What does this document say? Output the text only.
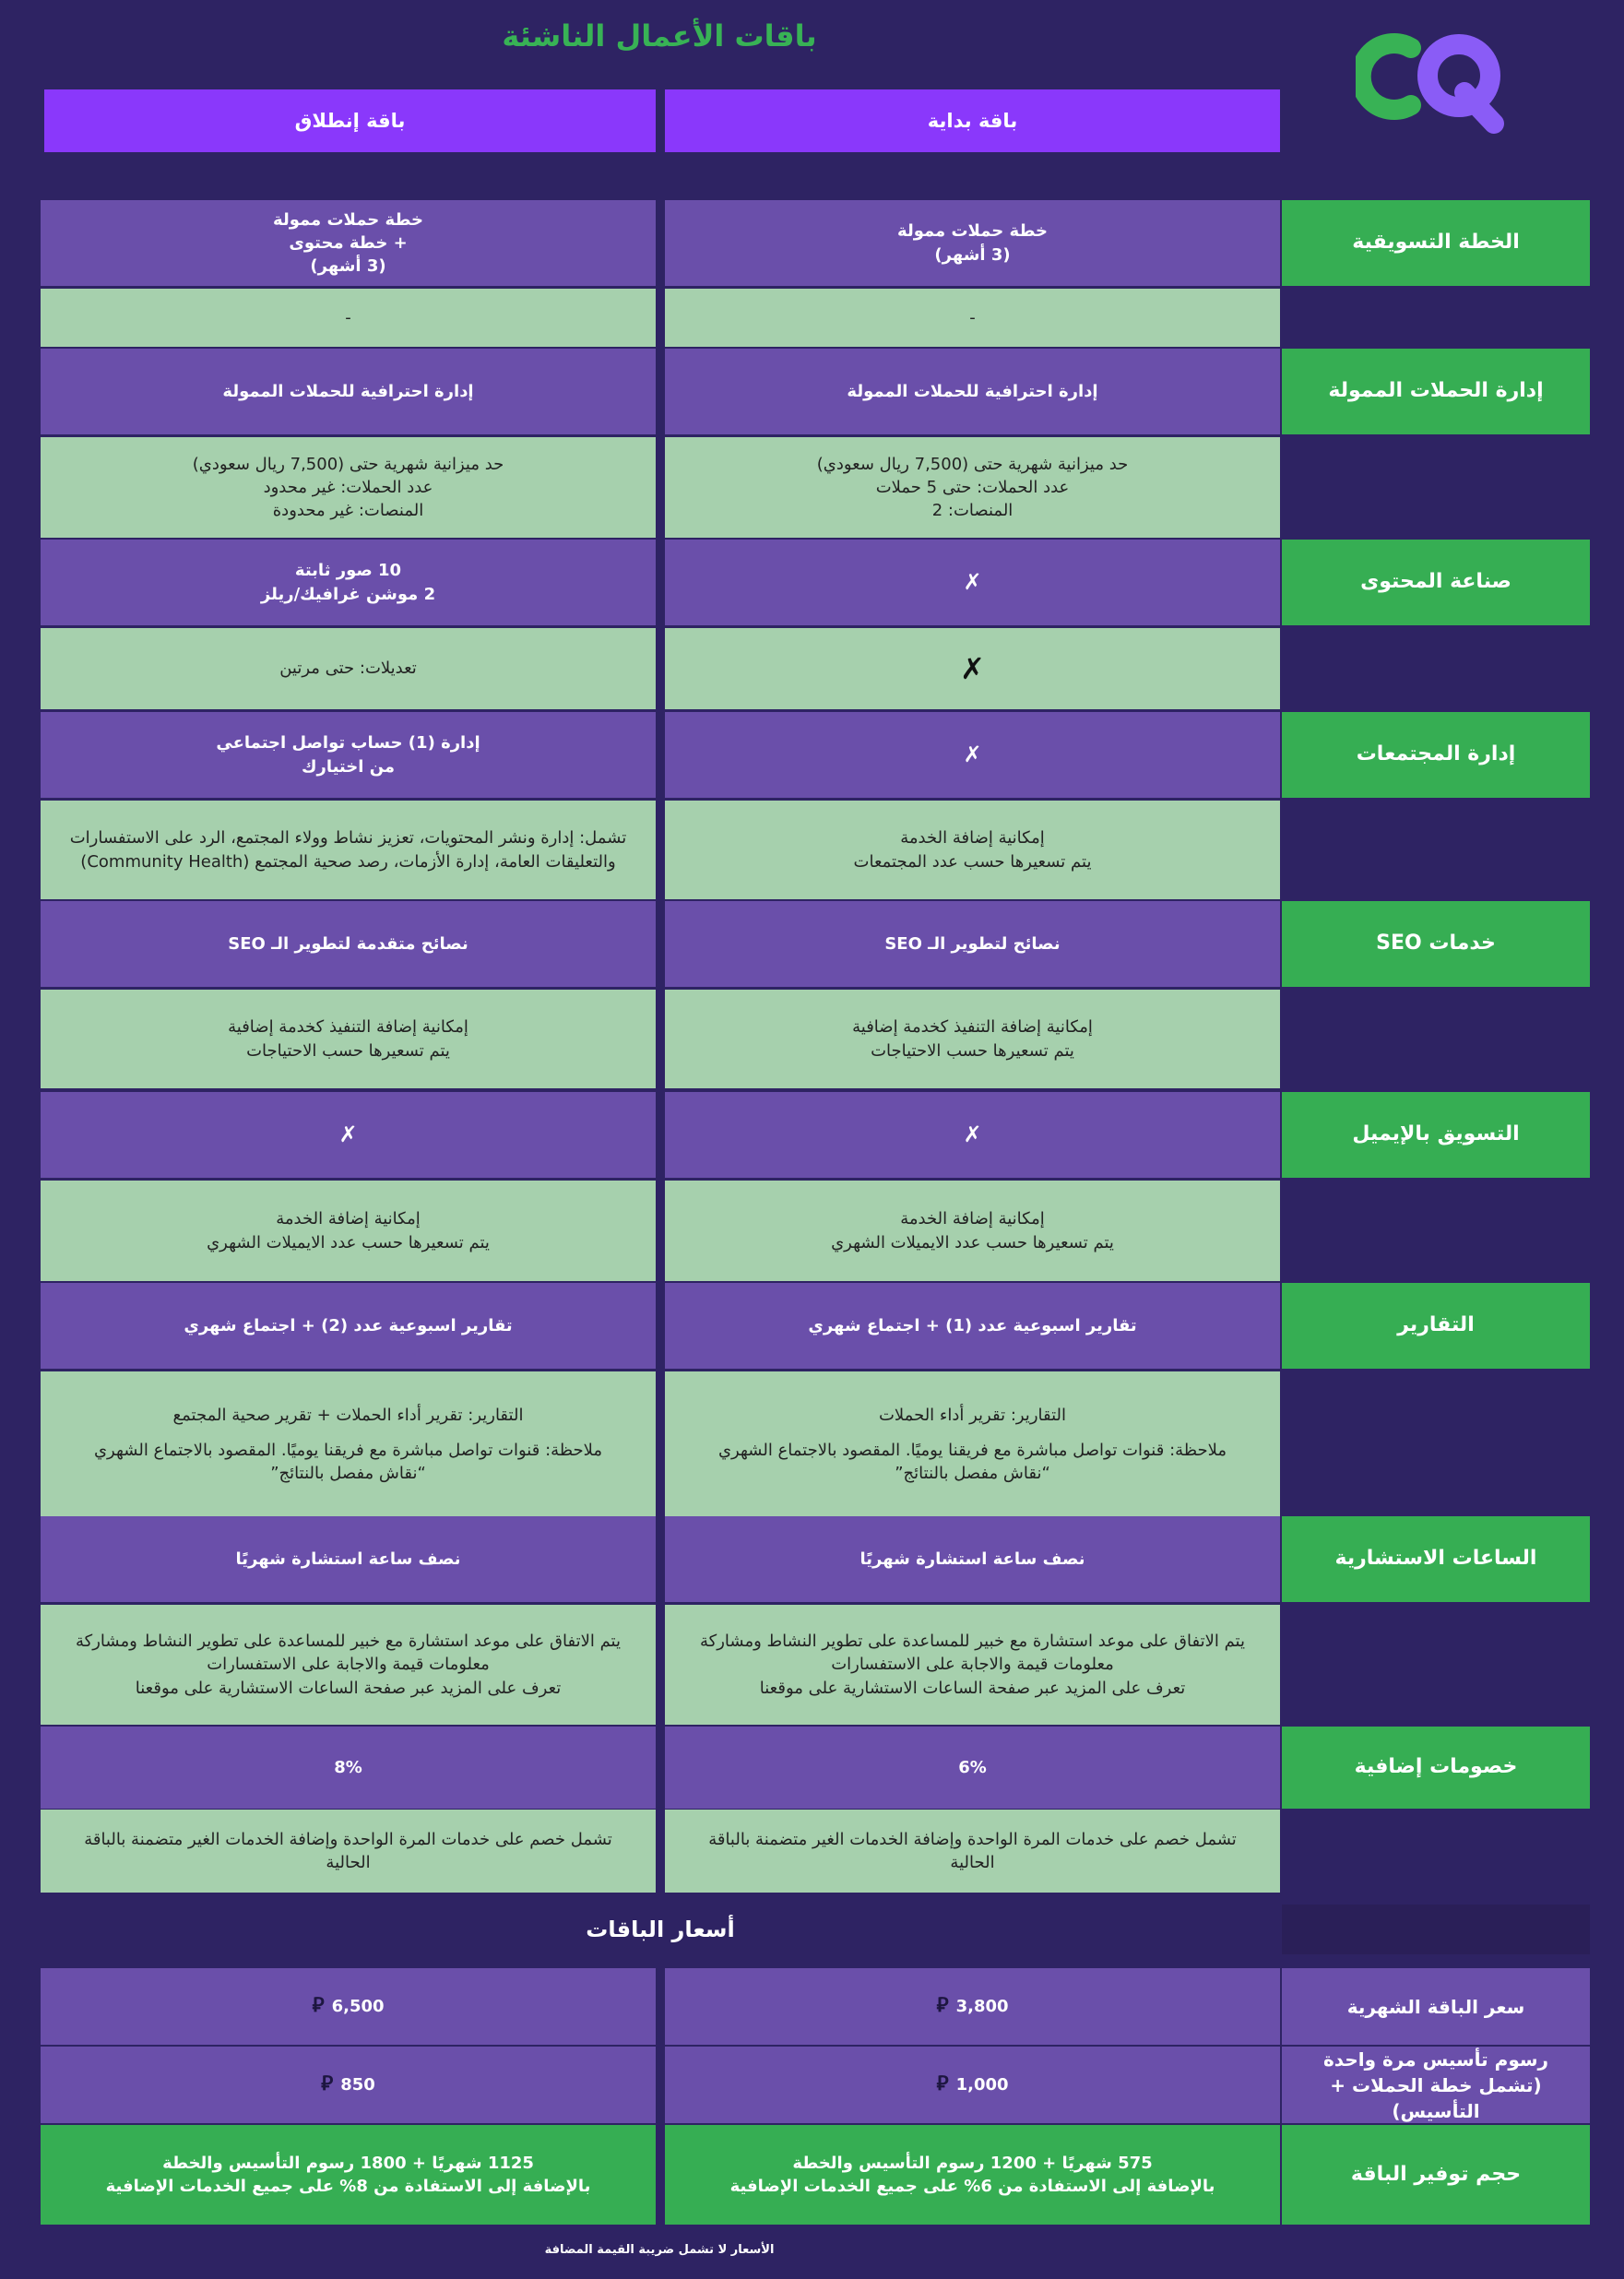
باقات الأعمال الناشئة
باقة بداية
باقة إنطلاق
الخطة التسويقية
خطة حملات ممولة
(3 أشهر)
خطة حملات ممولة
+ خطة محتوى
(3 أشهر)
-
-
إدارة الحملات الممولة
إدارة احترافية للحملات الممولة
إدارة احترافية للحملات الممولة
حد ميزانية شهرية حتى (7,500 ريال سعودي)
عدد الحملات: حتى 5 حملات
المنصات: 2
حد ميزانية شهرية حتى (7,500 ريال سعودي)
عدد الحملات: غير محدود
المنصات: غير محدودة
صناعة المحتوى
✗
10 صور ثابتة
2 موشن غرافيك/ريلز
✗
تعديلات: حتى مرتين
إدارة المجتمعات
✗
إدارة (1) حساب تواصل اجتماعي
من اختيارك
إمكانية إضافة الخدمة
يتم تسعيرها حسب عدد المجتمعات
تشمل: إدارة ونشر المحتويات، تعزيز نشاط وولاء المجتمع، الرد على الاستفسارات
والتعليقات العامة، إدارة الأزمات، رصد صحية المجتمع (Community Health)
خدمات SEO
نصائح لتطوير الـ SEO
نصائح متقدمة لتطوير الـ SEO
إمكانية إضافة التنفيذ كخدمة إضافية
يتم تسعيرها حسب الاحتياجات
إمكانية إضافة التنفيذ كخدمة إضافية
يتم تسعيرها حسب الاحتياجات
التسويق بالإيميل
✗
✗
إمكانية إضافة الخدمة
يتم تسعيرها حسب عدد الايميلات الشهري
إمكانية إضافة الخدمة
يتم تسعيرها حسب عدد الايميلات الشهري
التقارير
تقارير اسبوعية عدد (1) + اجتماع شهري
تقارير اسبوعية عدد (2) + اجتماع شهري
التقارير: تقرير أداء الحملات
ملاحظة: قنوات تواصل مباشرة مع فريقنا يوميًا. المقصود بالاجتماع الشهري
“نقاش مفصل بالنتائج”
التقارير: تقرير أداء الحملات + تقرير صحية المجتمع
ملاحظة: قنوات تواصل مباشرة مع فريقنا يوميًا. المقصود بالاجتماع الشهري
“نقاش مفصل بالنتائج”
الساعات الاستشارية
نصف ساعة استشارة شهريًا
نصف ساعة استشارة شهريًا
يتم الاتفاق على موعد استشارة مع خبير للمساعدة على تطوير النشاط ومشاركة
معلومات قيمة والاجابة على الاستفسارات
تعرف على المزيد عبر صفحة الساعات الاستشارية على موقعنا
يتم الاتفاق على موعد استشارة مع خبير للمساعدة على تطوير النشاط ومشاركة
معلومات قيمة والاجابة على الاستفسارات
تعرف على المزيد عبر صفحة الساعات الاستشارية على موقعنا
خصومات إضافية
6%
8%
تشمل خصم على خدمات المرة الواحدة وإضافة الخدمات الغير متضمنة بالباقة
الحالية
تشمل خصم على خدمات المرة الواحدة وإضافة الخدمات الغير متضمنة بالباقة
الحالية
أسعار الباقات
سعر الباقة الشهرية
3,800
⃁
6,500
⃁
رسوم تأسيس مرة واحدة
(تشمل خطة الحملات + التأسيس)
1,000
⃁
850
⃁
حجم توفير الباقة
575 شهريًا + 1200 رسوم التأسيس والخطة
بالإضافة إلى الاستفادة من 6% على جميع الخدمات الإضافية
1125 شهريًا + 1800 رسوم التأسيس والخطة
بالإضافة إلى الاستفادة من 8% على جميع الخدمات الإضافية
الأسعار لا تشمل ضريبة القيمة المضافة
